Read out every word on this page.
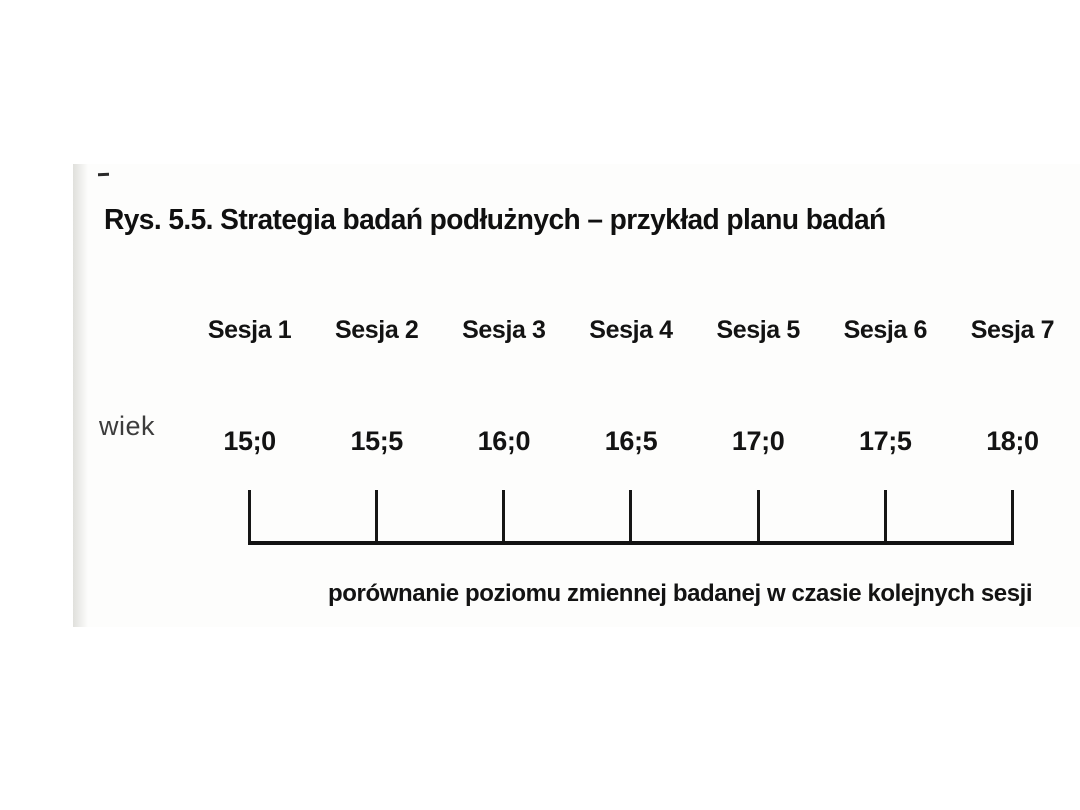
Rys. 5.5. Strategia badań podłużnych – przykład planu badań
Sesja 1	Sesja 2	Sesja 3	Sesja 4	Sesja 5	Sesja 6	Sesja 7
wiek	15;0	15;5	16;0	16;5	17;0	17;5	18;0
porównanie poziomu zmiennej badanej w czasie kolejnych sesji
